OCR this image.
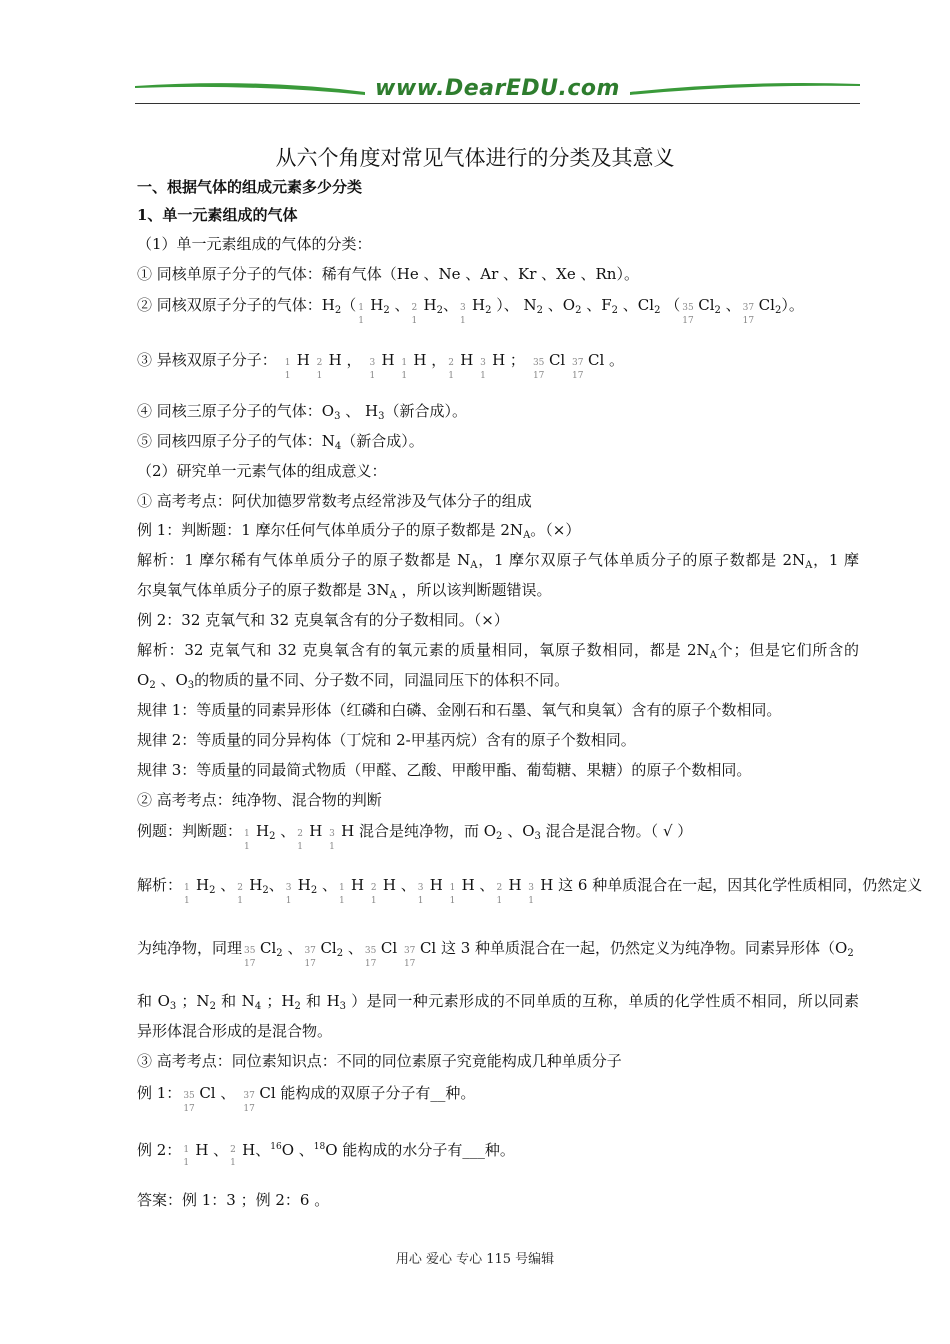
www.DearEDU.com
从六个角度对常见气体进行的分类及其意义
一、根据气体的组成元素多少分类
1、单一元素组成的气体
（1）单一元素组成的气体的分类：
① 同核单原子分子的气体：稀有气体（He 、Ne 、Ar 、Kr 、Xe 、Rn）。
② 同核双原子分子的气体：$H_2$（ 1
1
$H_2$ 、 2
1
$H_2$、 3
1
$H_2$ ）、 $N_2$ 、$O_2$ 、$F_2$ 、$Cl_2$ （ 35
17
$Cl_2$ 、 37
17
$Cl_2$）。
③ 异核双原子分子： 1
1
H 2
1
H ， 3
1
H 1
1
H ， 2
1
H 3
1
H ； 35
17
Cl 37
17
Cl 。
④ 同核三原子分子的气体：$O_3$ 、 $H_3$（新合成）。
⑤ 同核四原子分子的气体：$N_4$（新合成）。
（2）研究单一元素气体的组成意义：
① 高考考点：阿伏加德罗常数考点经常涉及气体分子的组成
例 1：判断题：1 摩尔任何气体单质分子的原子数都是 $2N_A$。（×）
解析：1 摩尔稀有气体单质分子的原子数都是 $N_A$，1 摩尔双原子气体单质分子的原子数都是 $2N_A$，1 摩
尔臭氧气体单质分子的原子数都是 $3N_A$ ，所以该判断题错误。
例 2：32 克氧气和 32 克臭氧含有的分子数相同。（×）
解析：32 克氧气和 32 克臭氧含有的氧元素的质量相同，氧原子数相同，都是 $2N_A$个；但是它们所含的
$O_2$ 、$O_3$的物质的量不同、分子数不同，同温同压下的体积不同。
规律 1：等质量的同素异形体（红磷和白磷、金刚石和石墨、氧气和臭氧）含有的原子个数相同。
规律 2：等质量的同分异构体（丁烷和 2-甲基丙烷）含有的原子个数相同。
规律 3：等质量的同最简式物质（甲醛、乙酸、甲酸甲酯、葡萄糖、果糖）的原子个数相同。
② 高考考点：纯净物、混合物的判断
例题：判断题： 1
1
$H_2$ 、 2
1
H 3
1
H 混合是纯净物，而 $O_2$ 、$O_3$ 混合是混合物。（ √ ）
解析： 1
1
$H_2$ 、 2
1
$H_2$、 3
1
$H_2$ 、 1
1
H 2
1
H 、 3
1
H 1
1
H 、 2
1
H 3
1
H 这 6 种单质混合在一起，因其化学性质相同，仍然定义
为纯净物，同理 35
17
$Cl_2$ 、 37
17
$Cl_2$ 、 35
17
Cl 37
17
Cl 这 3 种单质混合在一起，仍然定义为纯净物。同素异形体（$O_2$
和 $O_3$ ；$N_2$ 和 $N_4$ ；$H_2$ 和 $H_3$ ）是同一种元素形成的不同单质的互称，单质的化学性质不相同，所以同素
异形体混合形成的是混合物。
③ 高考考点：同位素知识点：不同的同位素原子究竟能构成几种单质分子
例 1： 35
17
Cl 、 37
17
Cl 能构成的双原子分子有__种。
例 2： 1
1
H 、 2
1
H、$^{16}$O 、$^{18}$O 能构成的水分子有___种。
答案：例 1：3 ；例 2：6 。
用心 爱心 专心 115 号编辑
